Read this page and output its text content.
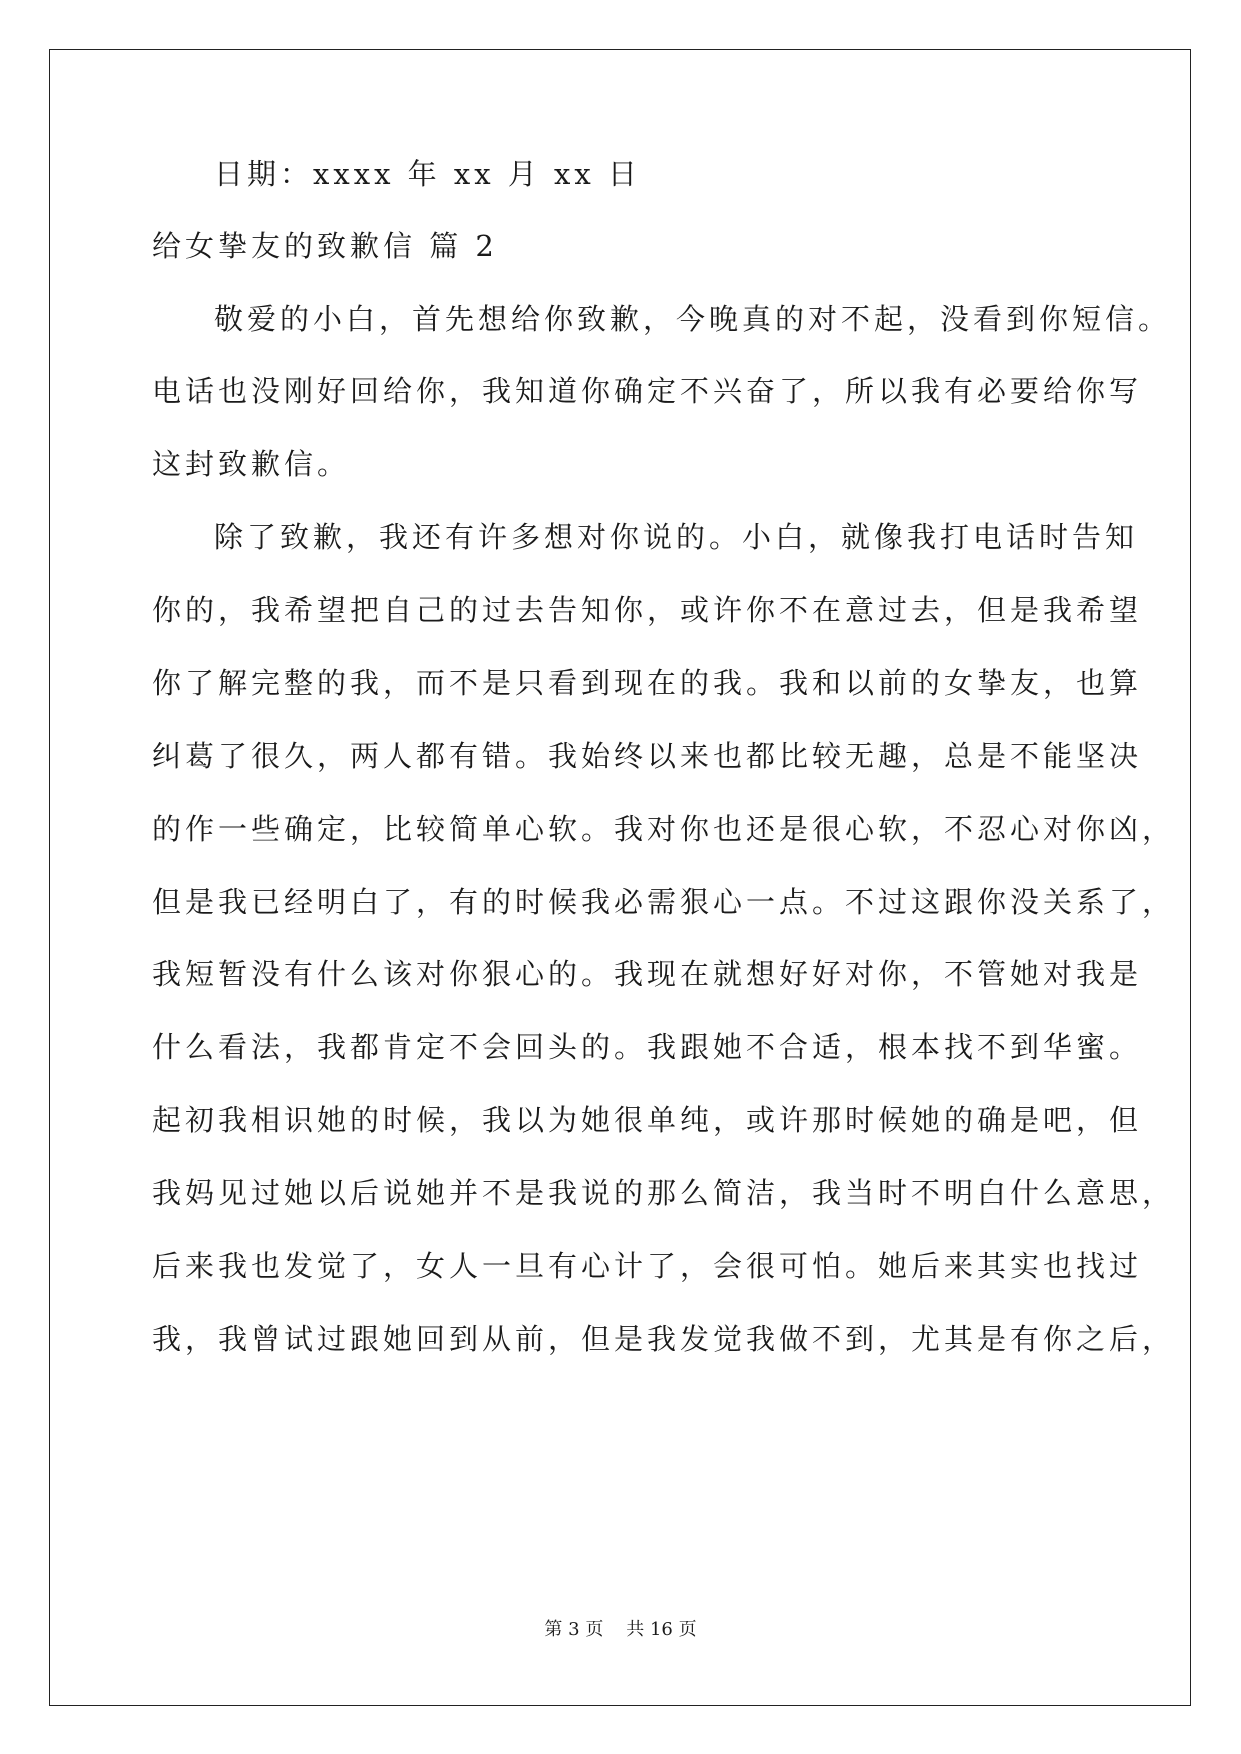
日期：xxxx 年 xx 月 xx 日
给女挚友的致歉信 篇 2
敬爱的小白，首先想给你致歉，今晚真的对不起，没看到你短信。
电话也没刚好回给你，我知道你确定不兴奋了，所以我有必要给你写
这封致歉信。
除了致歉，我还有许多想对你说的。小白，就像我打电话时告知
你的，我希望把自己的过去告知你，或许你不在意过去，但是我希望
你了解完整的我，而不是只看到现在的我。我和以前的女挚友，也算
纠葛了很久，两人都有错。我始终以来也都比较无趣，总是不能坚决
的作一些确定，比较简单心软。我对你也还是很心软，不忍心对你凶，
但是我已经明白了，有的时候我必需狠心一点。不过这跟你没关系了，
我短暂没有什么该对你狠心的。我现在就想好好对你，不管她对我是
什么看法，我都肯定不会回头的。我跟她不合适，根本找不到华蜜。
起初我相识她的时候，我以为她很单纯，或许那时候她的确是吧，但
我妈见过她以后说她并不是我说的那么简洁，我当时不明白什么意思，
后来我也发觉了，女人一旦有心计了，会很可怕。她后来其实也找过
我，我曾试过跟她回到从前，但是我发觉我做不到，尤其是有你之后，
第 3 页 共 16 页
